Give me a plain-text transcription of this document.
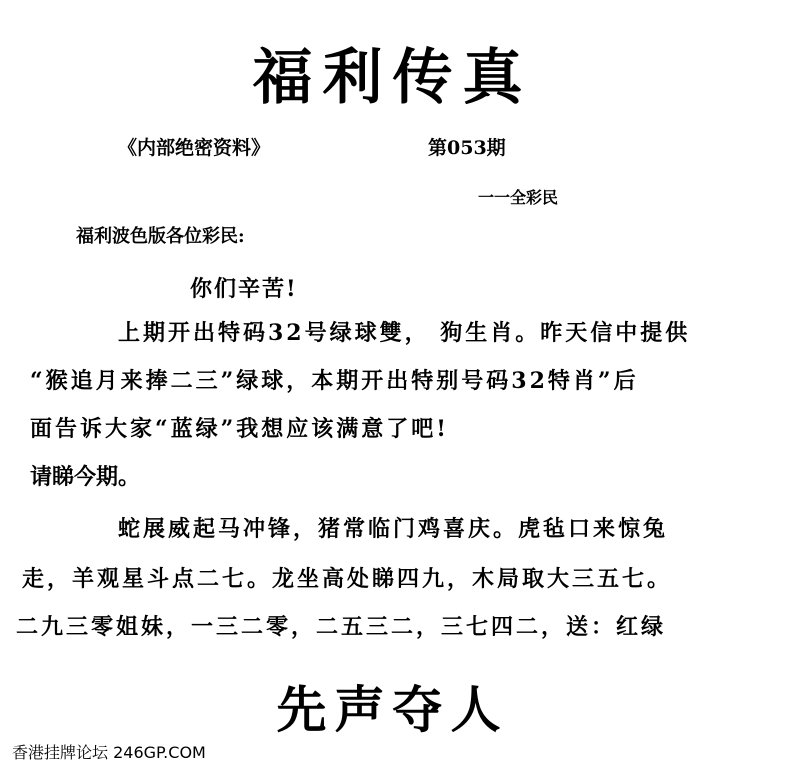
福利传真
《内部绝密资料》	第053期
一一全彩民
福利波色版各位彩民:
你们辛苦!
上期开出特码32号绿球雙， 狗生肖。昨天信中提供
“猴追月来捧二三”绿球，本期开出特别号码32特肖”后
面告诉大家“蓝绿”我想应该满意了吧!
请睇今期。
蛇展威起马冲锋，猪常临门鸡喜庆。虎毡口来惊兔
走，羊观星斗点二七。龙坐高处睇四九，木局取大三五七。
二九三零姐妹，一三二零，二五三二，三七四二，送：红绿
先声夺人
香港挂牌论坛 246GP.COM
